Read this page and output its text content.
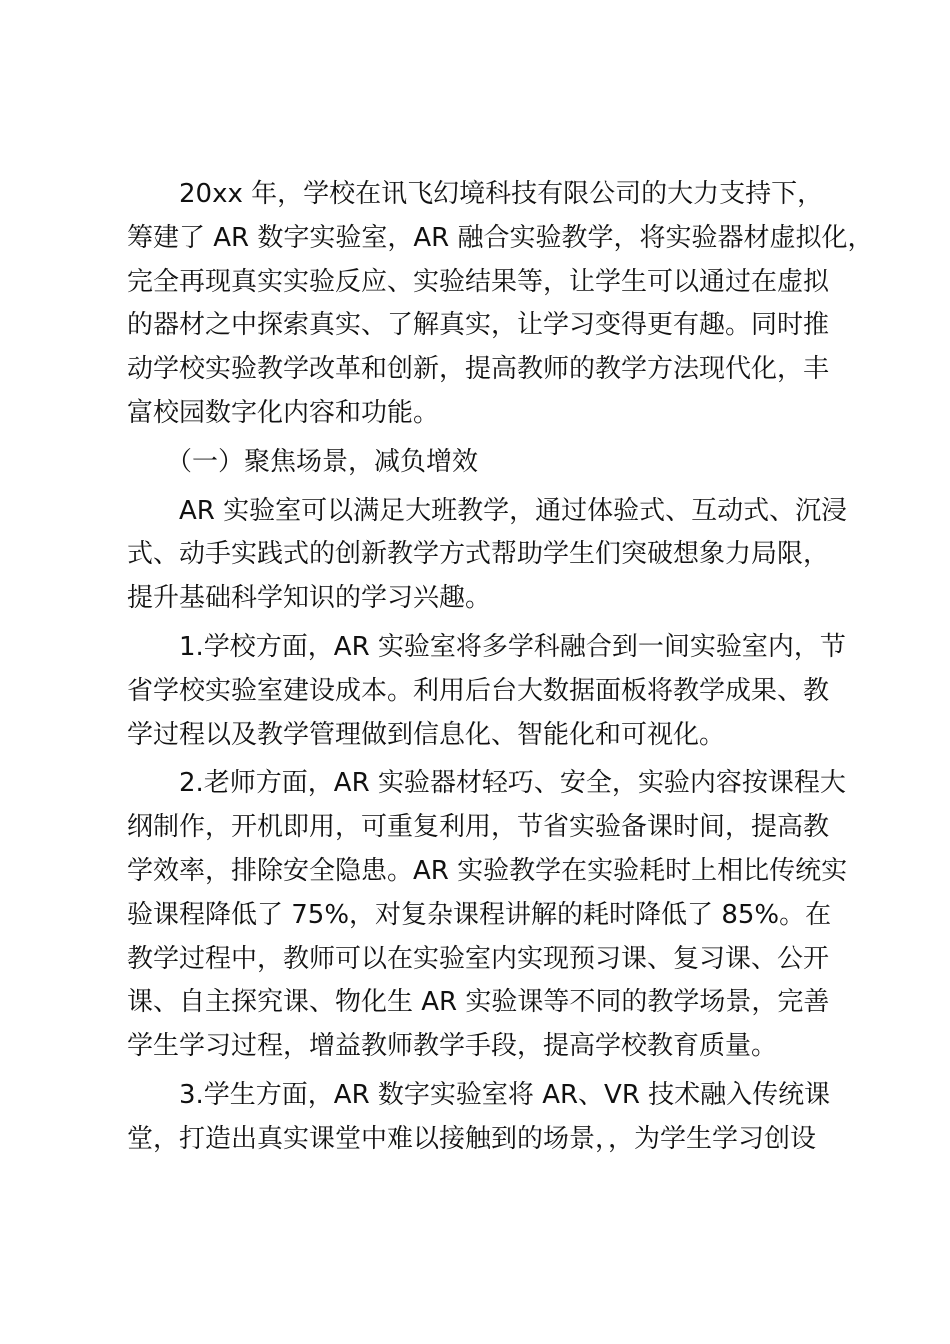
　　20xx 年，学校在讯飞幻境科技有限公司的大力支持下，
筹建了 AR 数字实验室，AR 融合实验教学，将实验器材虚拟化，
完全再现真实实验反应、实验结果等，让学生可以通过在虚拟
的器材之中探索真实、了解真实，让学习变得更有趣。同时推
动学校实验教学改革和创新，提高教师的教学方法现代化，丰
富校园数字化内容和功能。
　　（一）聚焦场景，减负增效
　　AR 实验室可以满足大班教学，通过体验式、互动式、沉浸
式、动手实践式的创新教学方式帮助学生们突破想象力局限，
提升基础科学知识的学习兴趣。
　　1.学校方面，AR 实验室将多学科融合到一间实验室内，节
省学校实验室建设成本。利用后台大数据面板将教学成果、教
学过程以及教学管理做到信息化、智能化和可视化。
　　2.老师方面，AR 实验器材轻巧、安全，实验内容按课程大
纲制作，开机即用，可重复利用，节省实验备课时间，提高教
学效率，排除安全隐患。AR 实验教学在实验耗时上相比传统实
验课程降低了 75%，对复杂课程讲解的耗时降低了 85%。在
教学过程中，教师可以在实验室内实现预习课、复习课、公开
课、自主探究课、物化生 AR 实验课等不同的教学场景，完善
学生学习过程，增益教师教学手段，提高学校教育质量。
　　3.学生方面，AR 数字实验室将 AR、VR 技术融入传统课
堂，打造出真实课堂中难以接触到的场景，，为学生学习创设
